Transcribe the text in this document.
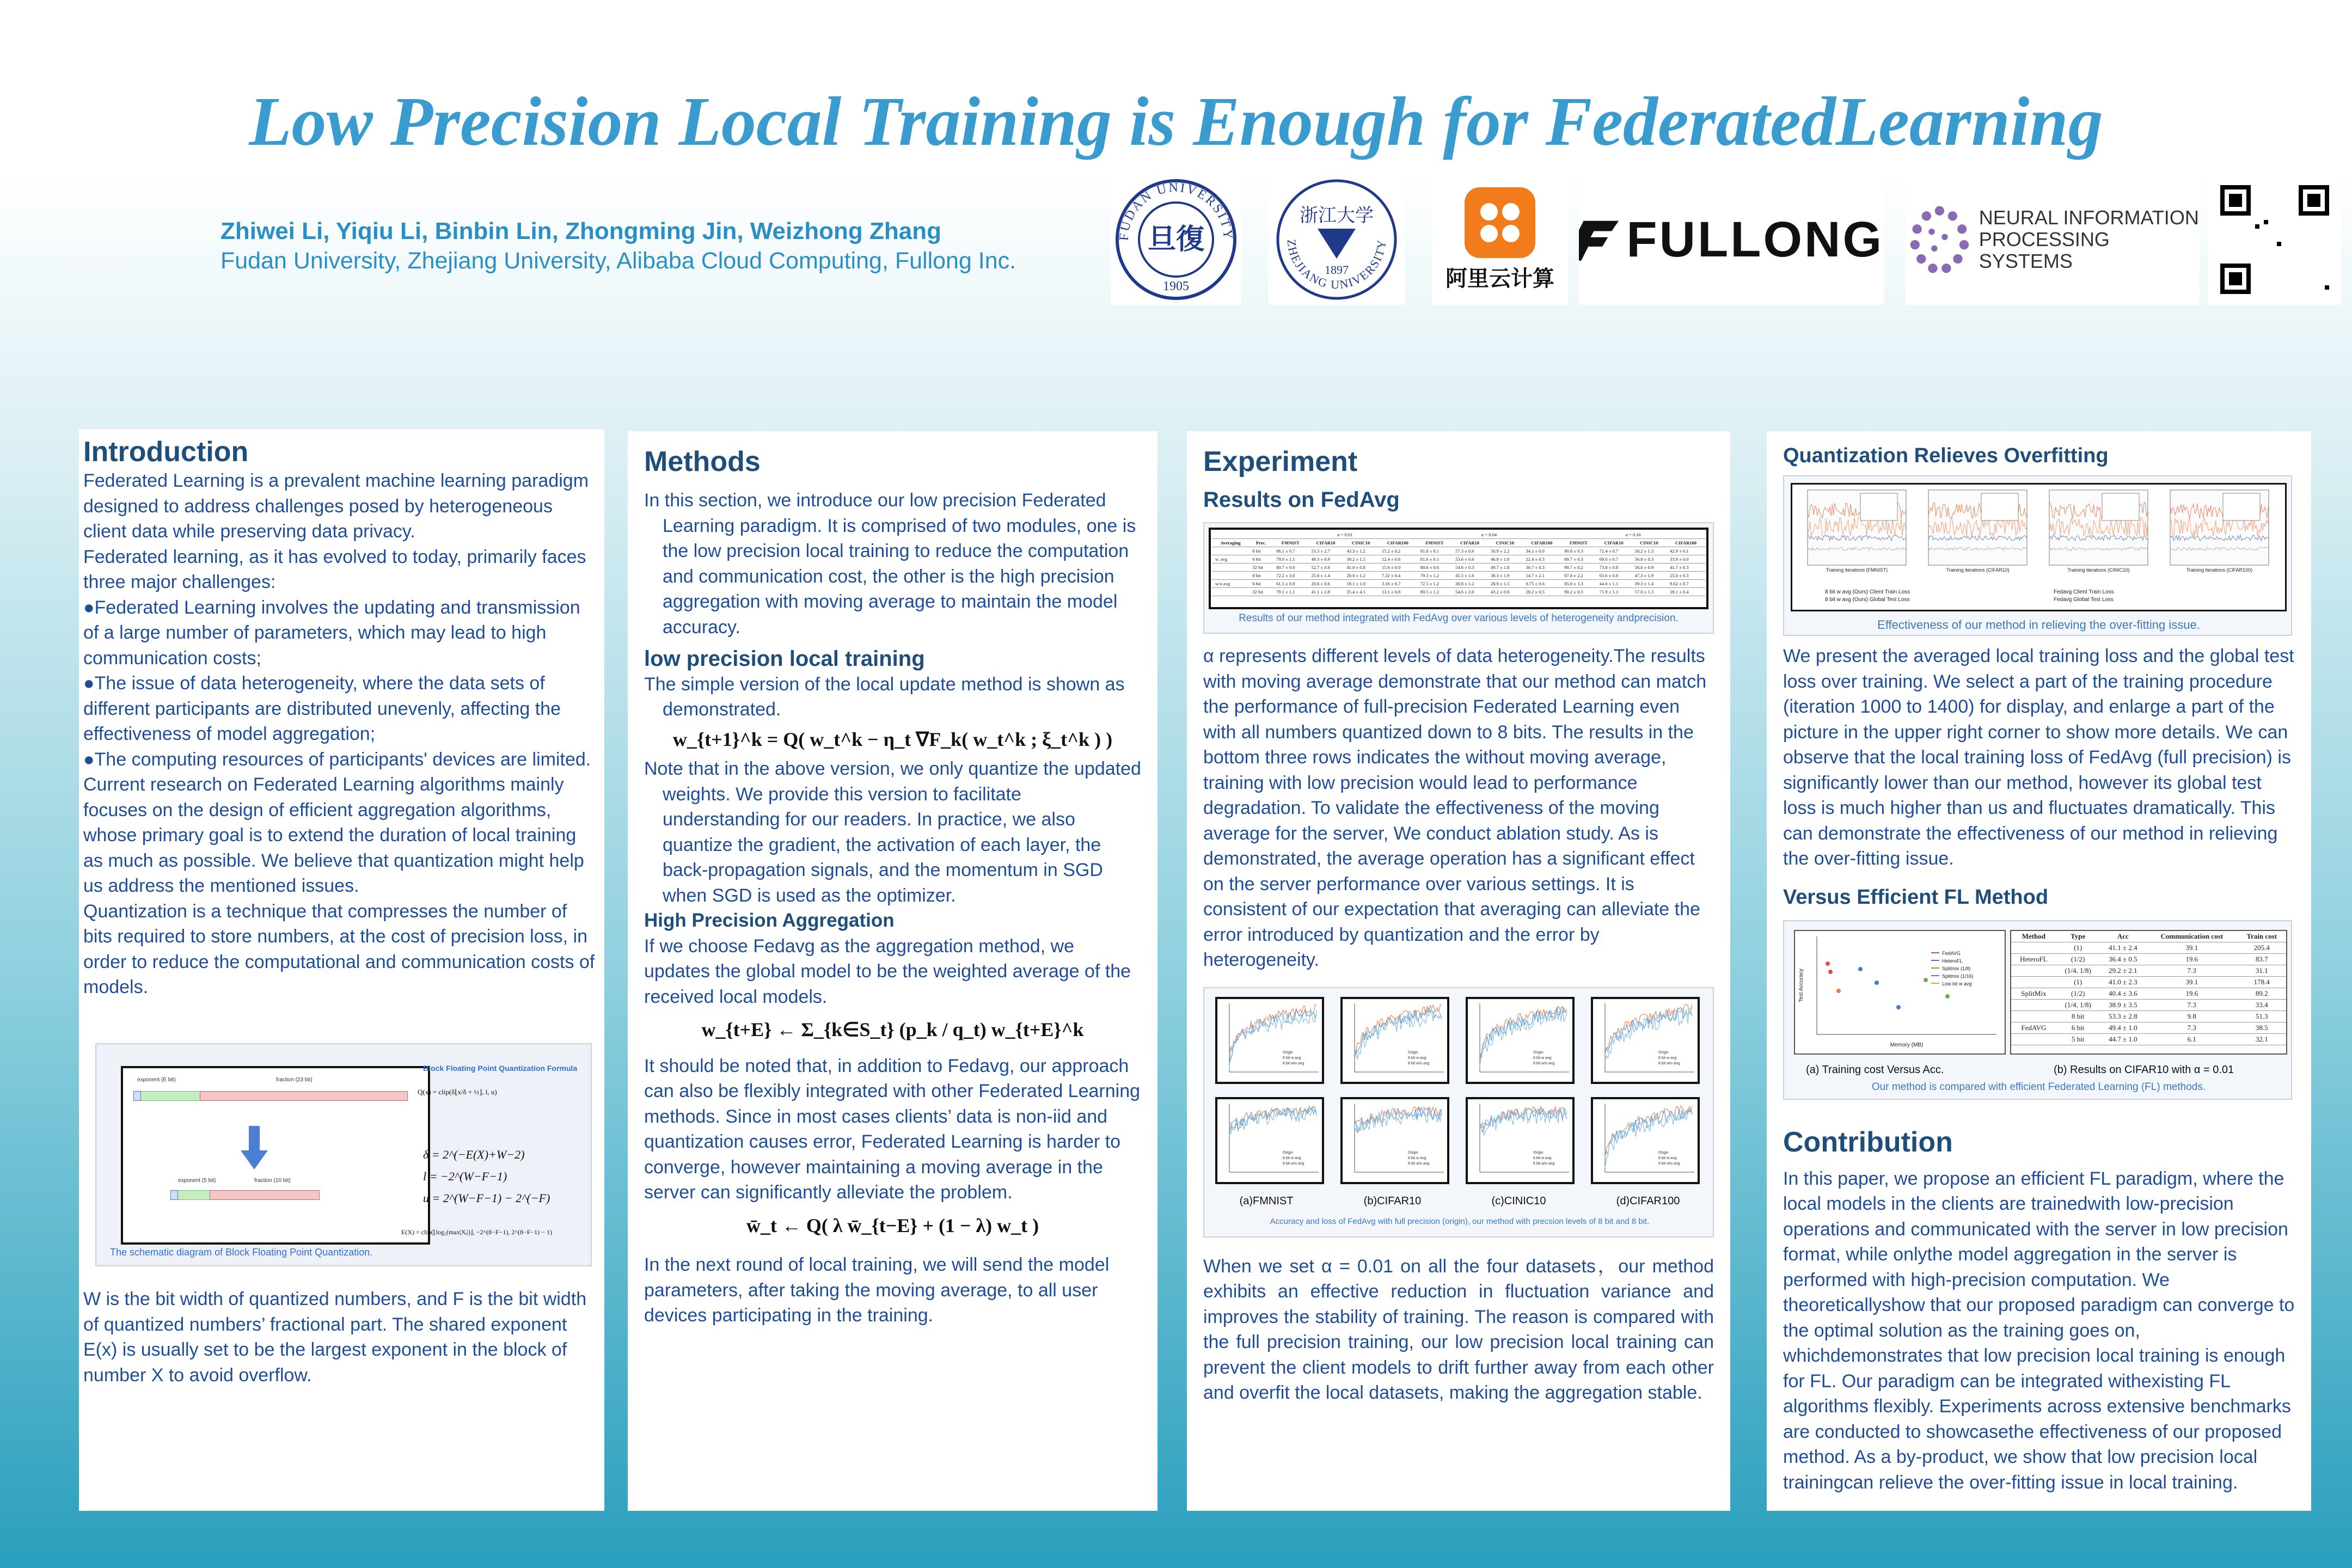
Low Precision Local Training is Enough for FederatedLearning
Zhiwei Li, Yiqiu Li, Binbin Lin, Zhongming Jin, Weizhong Zhang
Fudan University, Zhejiang University, Alibaba Cloud Computing, Fullong Inc.
FUDAN UNIVERSITY
旦復
1905
浙江大学
1897
ZHEJIANG UNIVERSITY
阿里云计算
FULLONG	NEURAL INFORMATION
PROCESSING SYSTEMS
Introduction

Federated Learning is a prevalent machine learning paradigm designed to address challenges posed by heterogeneous client data while preserving data privacy.

Federated learning, as it has evolved to today, primarily faces three major challenges:

●Federated Learning involves the updating and transmission of a large number of parameters, which may lead to high communication costs;

●The issue of data heterogeneity, where the data sets of different participants are distributed unevenly, affecting the effectiveness of model aggregation;

●The computing resources of participants' devices are limited.

Current research on Federated Learning algorithms mainly focuses on the design of efficient aggregation algorithms, whose primary goal is to extend the duration of local training as much as possible. We believe that quantization might help us address the mentioned issues.

Quantization is a technique that compresses the number of bits required to store numbers, at the cost of precision loss, in order to reduce the computational and communication costs of models.

Block Floating Point Quantization Formula
exponent (E bit)	fraction (23 bit)
exponent (5 bit)	fraction (10 bit)
Q(x) = clip(δ⌊x/δ + ½⌋, l, u)
δ = 2^(−E(X)+W−2)
l = −2^(W−F−1)
u = 2^(W−F−1) − 2^(−F)
E(X) = clip(⌊log₂(max|Xᵢ|)⌋, −2^(8−F−1), 2^(8−F−1) − 1)
The schematic diagram of Block Floating Point Quantization.
W is the bit width of quantized numbers, and F is the bit width of quantized numbers’ fractional part. The shared exponent E(x) is usually set to be the largest exponent in the block of number X to avoid overflow.
Methods

In this section, we introduce our low precision Federated Learning paradigm. It is comprised of two modules, one is the low precision local training to reduce the computation and communication cost, the other is the high precision aggregation with moving average to maintain the model accuracy.

low precision local training

The simple version of the local update method is shown as demonstrated.

w_{t+1}^k = Q( w_t^k − η_t ∇F_k( w_t^k ; ξ_t^k ) )

Note that in the above version, we only quantize the updated weights. We provide this version to facilitate understanding for our readers. In practice, we also quantize the gradient, the activation of each layer, the back-propagation signals, and the momentum in SGD when SGD is used as the optimizer.

High Precision Aggregation

If we choose Fedavg as the aggregation method, we updates the global model to be the weighted average of the received local models.

w_{t+E} ← Σ_{k∈S_t} (p_k / q_t) w_{t+E}^k

It should be noted that, in addition to Fedavg, our approach can also be flexibly integrated with other Federated Learning methods. Since in most cases clients’ data is non-iid and quantization causes error, Federated Learning is harder to converge, however maintaining a moving average in the server can significantly alleviate the problem.

w̄_t ← Q( λ w̄_{t−E} + (1 − λ) w_t )

In the next round of local training, we will send the model parameters, after taking the moving average, to all user devices participating in the training.

Experiment
Results on FedAvg
		α = 0.01				α = 0.04				α = 0.16			
Averaging	Prec.	FMNIST	CIFAR10	CINIC10	CIFAR100	FMNIST	CIFAR10	CINIC10	CIFAR100	FMNIST	CIFAR10	CINIC10	CIFAR100
	8 bit	86.1 ± 0.7	53.3 ± 2.7	43.3 ± 1.2	15.2 ± 0.2	81.8 ± 0.1	57.3 ± 0.6	50.9 ± 2.2	34.1 ± 0.0	90.8 ± 0.3	72.4 ± 0.7	58.2 ± 1.3	42.9 ± 0.1
w. avg	6 bit	79.0 ± 1.1	49.3 ± 0.9	39.2 ± 1.5	12.4 ± 0.6	81.6 ± 0.1	53.6 ± 0.6	46.8 ± 1.6	22.4 ± 0.3	89.7 ± 0.3	69.6 ± 0.7	56.8 ± 0.3	33.9 ± 0.0
	32 bit	80.7 ± 0.6	52.7 ± 0.6	41.0 ± 0.8	15.6 ± 0.0	80.6 ± 0.6	54.6 ± 0.3	49.7 ± 1.8	30.7 ± 0.3	90.7 ± 0.2	73.8 ± 0.8	56.6 ± 0.9	41.7 ± 0.3
	8 bit	72.2 ± 3.0	25.6 ± 1.4	20.0 ± 1.2	7.32 ± 0.4	79.3 ± 1.2	45.5 ± 1.6	38.3 ± 1.9	14.7 ± 2.1	87.8 ± 2.2	63.6 ± 0.8	47.3 ± 1.9	25.0 ± 0.3
w/o avg	6 bit	61.5 ± 0.8	20.6 ± 0.6	18.1 ± 1.0	3.16 ± 0.7	72.5 ± 1.2	30.8 ± 1.2	28.9 ± 1.5	6.75 ± 0.6	85.0 ± 1.3	44.6 ± 1.1	39.3 ± 1.4	9.62 ± 0.7
	32 bit	79.1 ± 1.1	41.1 ± 2.8	35.4 ± 4.1	13.1 ± 0.8	80.5 ± 1.2	54.6 ± 2.0	43.2 ± 0.6	28.2 ± 0.5	90.2 ± 0.3	71.9 ± 1.3	57.0 ± 1.3	38.1 ± 0.4
Results of our method integrated with FedAvg over various levels of heterogeneity andprecision.
α represents different levels of data heterogeneity.The results with moving average demonstrate that our method can match the performance of full-precision Federated Learning even with all numbers quantized down to 8 bits. The results in the bottom three rows indicates the without moving average, training with low precision would lead to performance degradation. To validate the effectiveness of the moving average for the server, We conduct ablation study. As is demonstrated, the average operation has a significant effect on the server performance over various settings. It is consistent of our expectation that averaging can alleviate the error introduced by quantization and the error by heterogeneity.
Origin
8 bit w avg
8 bit w/o avg
Origin
8 bit w avg
8 bit w/o avg
Origin
8 bit w avg
8 bit w/o avg
Origin
8 bit w avg
8 bit w/o avg
Origin
8 bit w avg
8 bit w/o avg
Origin
8 bit w avg
8 bit w/o avg
Origin
8 bit w avg
8 bit w/o avg
Origin
8 bit w avg
8 bit w/o avg
(a)FMNIST	(b)CIFAR10	(c)CINIC10	(d)CIFAR100
Accuracy and loss of FedAvg with full precision (origin), our method with precsion levels of 8 bit and 8 bit.
When we set α = 0.01 on all the four datasets，our method exhibits an effective reduction in fluctuation variance and improves the stability of training. The reason is compared with the full precision training, our low precision local training can prevent the client models to drift further away from each other and overfit the local datasets, making the aggregation stable.
Quantization Relieves Overfitting
Training iterations (FMNIST)	Training iterations (CIFAR10)	Training iterations (CINIC10)	Training iterations (CIFAR100)
8 bit w avg (Ours) Client Train Loss	Fedavg Client Train Loss
8 bit w avg (Ours) Global Test Loss	Fedavg Global Test Loss
Effectiveness of our method in relieving the over-fitting issue.
We present the averaged local training loss and the global test loss over training. We select a part of the training procedure (iteration 1000 to 1400) for display, and enlarge a part of the picture in the upper right corner to show more details. We can observe that the local training loss of FedAvg (full precision) is significantly lower than our method, however its global test loss is much higher than us and fluctuates dramatically. This can demonstrate the effectiveness of our method in relieving the over-fitting issue.
Versus Efficient FL Method
Memory (MB)
Test Accuracy
FedAVG
HeteroFL
Splitmix (1/8)
Splitmix (1/16)
Low bit w avg
(a) Training cost Versus Acc.
Method	Type	Acc	Communication cost	Train cost
	(1)	41.1 ± 2.4	39.1	205.4
HeteroFL	(1/2)	36.4 ± 0.5	19.6	83.7
	(1/4, 1/8)	29.2 ± 2.1	7.3	31.1
	(1)	41.0 ± 2.3	39.1	178.4
SplitMix	(1/2)	40.4 ± 3.6	19.6	89.2
	(1/4, 1/8)	38.9 ± 3.5	7.3	33.4
	8 bit	53.3 ± 2.8	9.8	51.3
FedAVG	6 bit	49.4 ± 1.0	7.3	38.5
	5 bit	44.7 ± 1.0	6.1	32.1
(b) Results on CIFAR10 with α = 0.01
Our method is compared with efficient Federated Learning (FL) methods.
Contribution
In this paper, we propose an efficient FL paradigm, where the local models in the clients are trainedwith low-precision operations and communicated with the server in low precision format, while onlythe model aggregation in the server is performed with high-precision computation. We theoreticallyshow that our proposed paradigm can converge to the optimal solution as the training goes on, whichdemonstrates that low precision local training is enough for FL. Our paradigm can be integrated withexisting FL algorithms flexibly. Experiments across extensive benchmarks are conducted to showcasethe effectiveness of our proposed method. As a by-product, we show that low precision local trainingcan relieve the over-fitting issue in local training.
